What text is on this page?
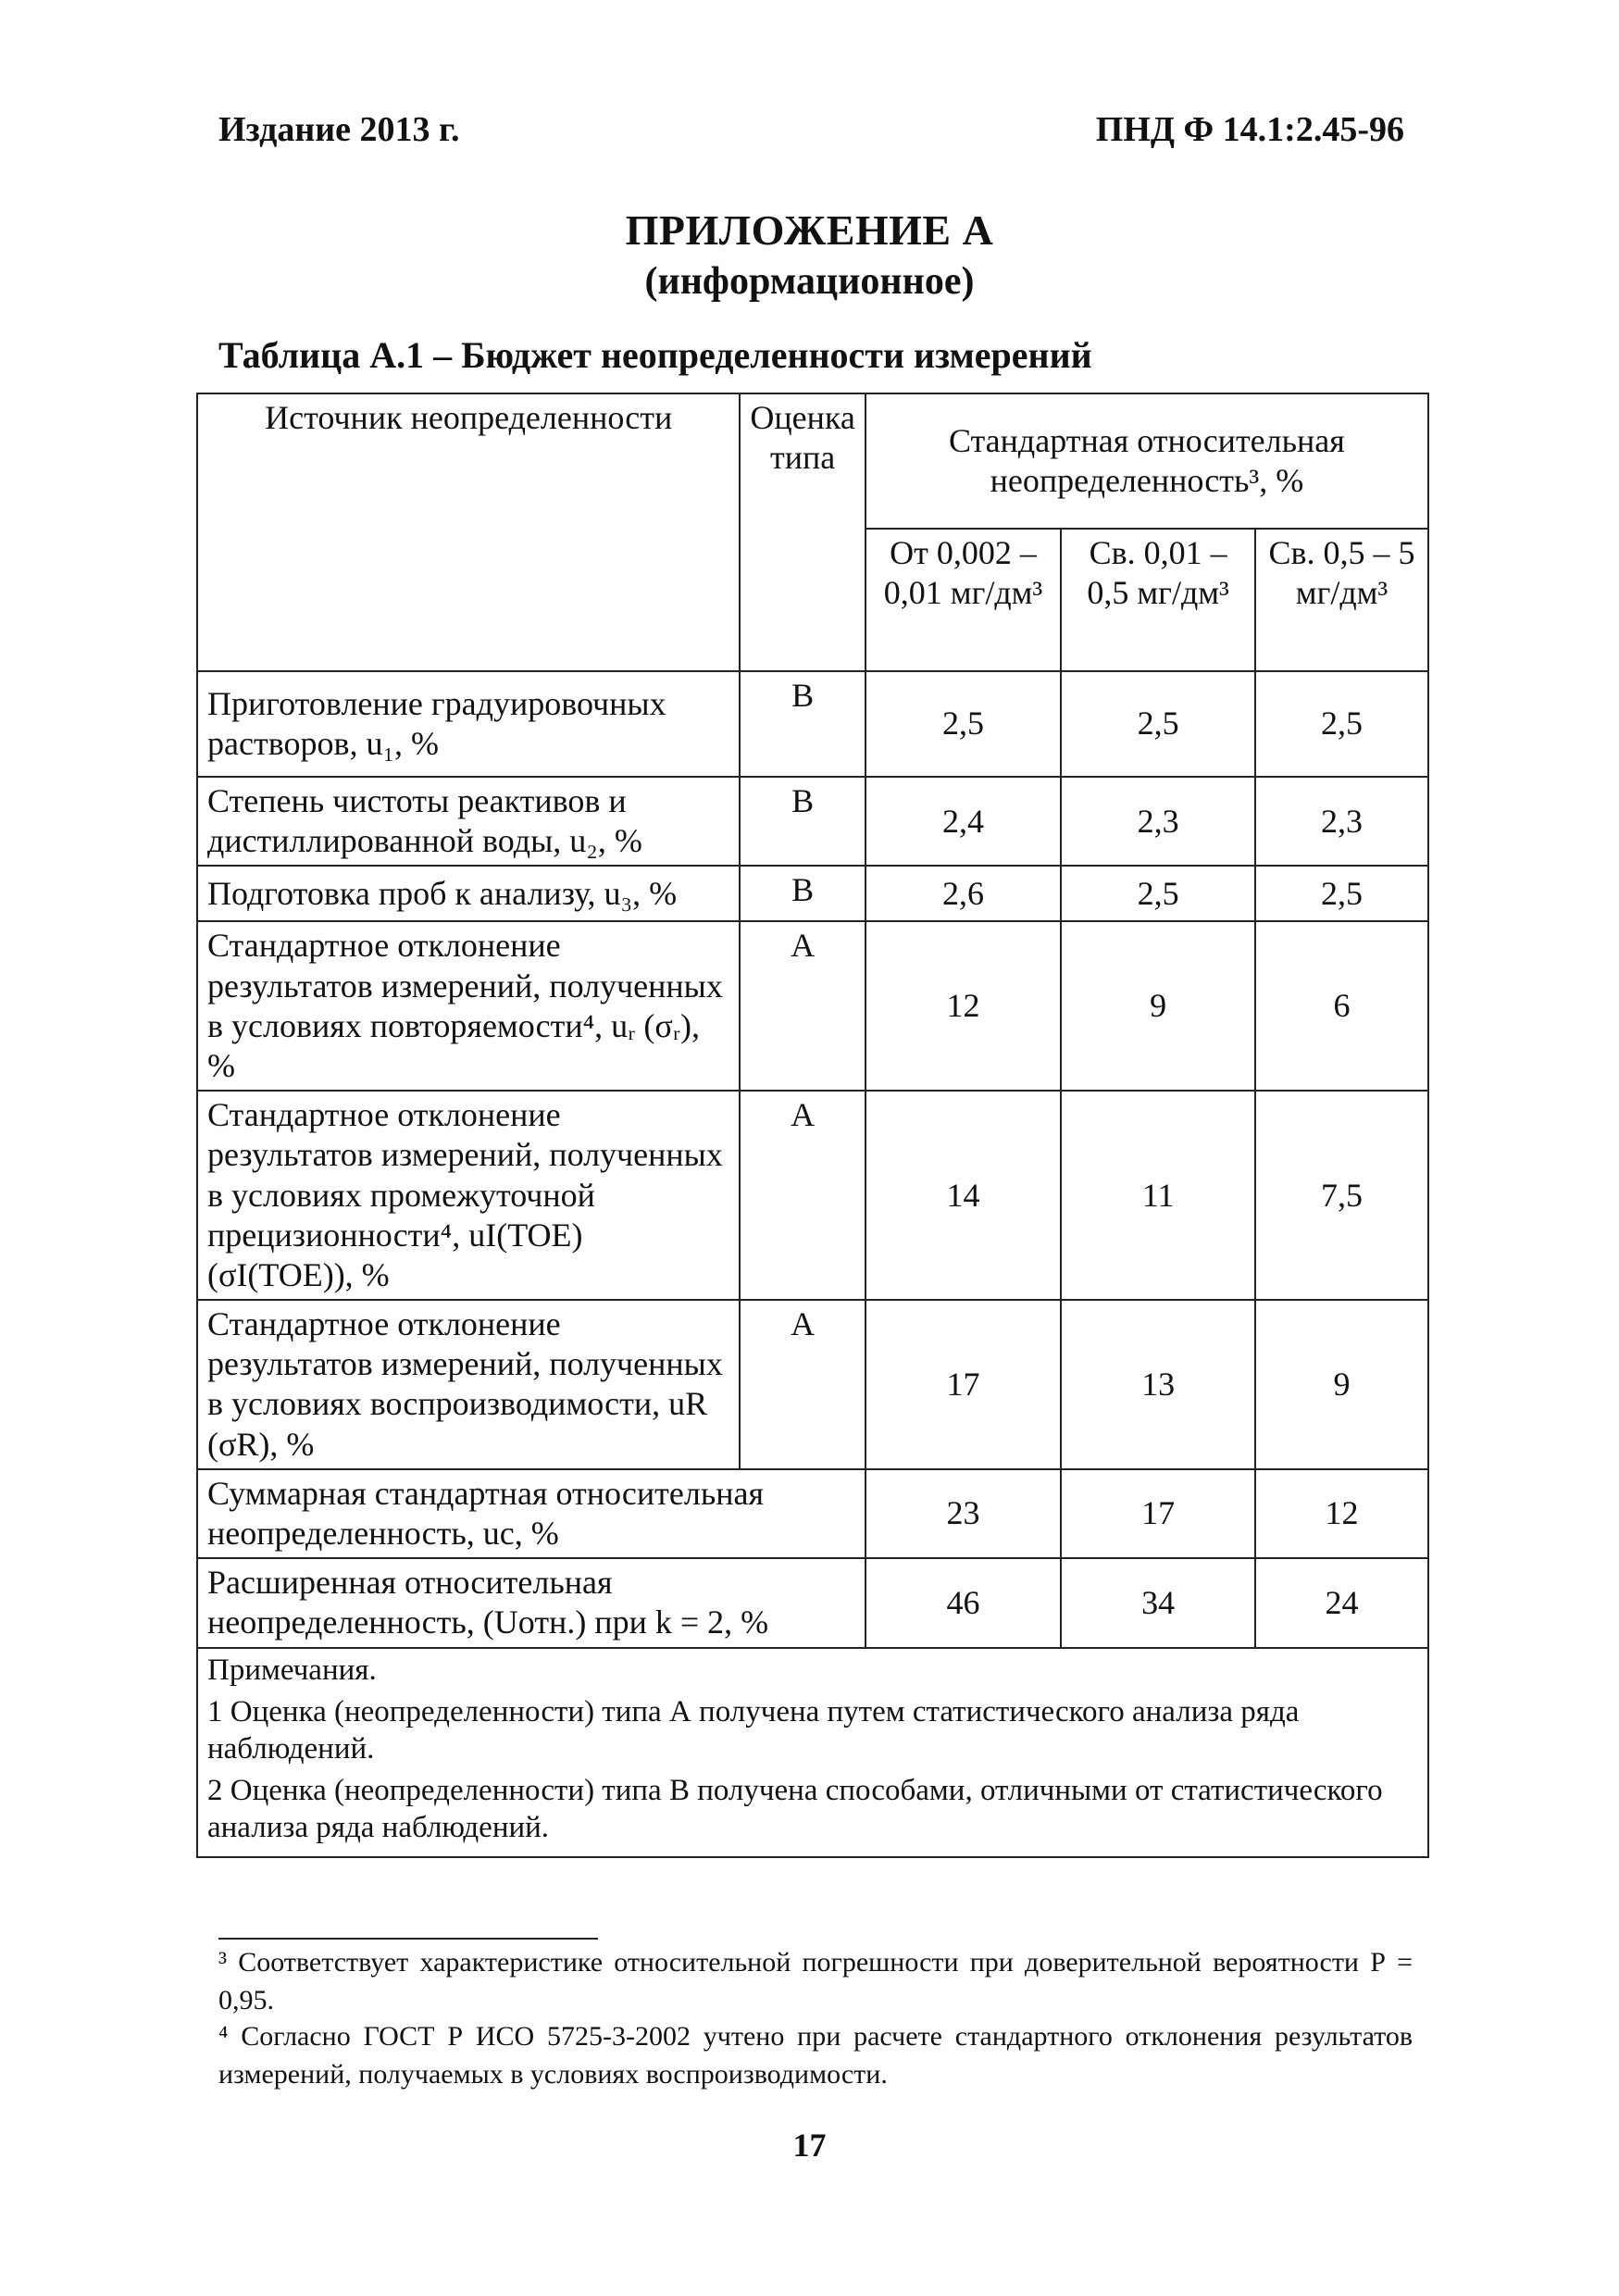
Издание 2013 г.	ПНД Ф 14.1:2.45-96
ПРИЛОЖЕНИЕ А
(информационное)
Таблица А.1 – Бюджет неопределенности измерений
Источник неопределенности	Оценка типа	Стандартная относительная неопределенность³, %		
		От 0,002 – 0,01 мг/дм³	Св. 0,01 – 0,5 мг/дм³	Св. 0,5 – 5 мг/дм³
Приготовление градуировочных растворов, u₁, %	В	2,5	2,5	2,5
Степень чистоты реактивов и дистиллированной воды, u₂, %	В	2,4	2,3	2,3
Подготовка проб к анализу, u₃, %	В	2,6	2,5	2,5
Стандартное отклонение результатов измерений, полученных в условиях повторяемости⁴, uᵣ (σᵣ), %	А	12	9	6
Стандартное отклонение результатов измерений, полученных в условиях промежуточной прецизионности⁴, uI(TOE) (σI(TOE)), %	А	14	11	7,5
Стандартное отклонение результатов измерений, полученных в условиях воспроизводимости, uR (σR), %	А	17	13	9
Суммарная стандартная относительная неопределенность, uc, %		23	17	12
Расширенная относительная неопределенность, (Uотн.) при k = 2, %		46	34	24

Примечания.

1 Оценка (неопределенности) типа А получена путем статистического анализа ряда наблюдений.

2 Оценка (неопределенности) типа В получена способами, отличными от статистического анализа ряда наблюдений.				

³ Соответствует характеристике относительной погрешности при доверительной вероятности Р = 0,95.
⁴ Согласно ГОСТ Р ИСО 5725-3-2002 учтено при расчете стандартного отклонения результатов измерений, получаемых в условиях воспроизводимости.
17
